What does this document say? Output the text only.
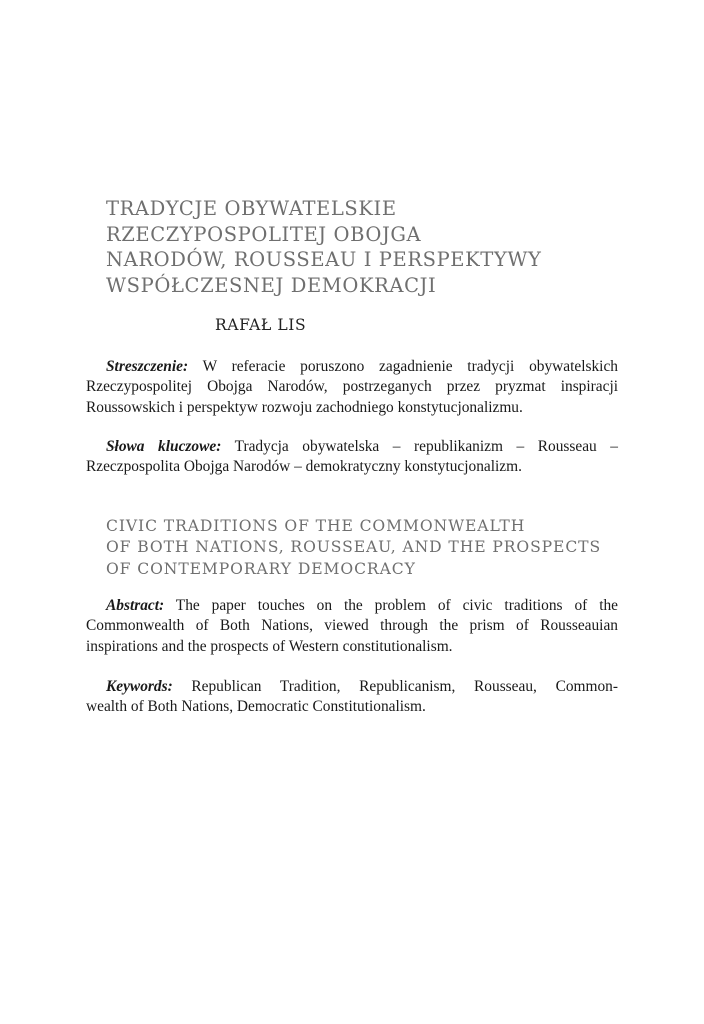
TRADYCJE OBYWATELSKIE
RZECZYPOSPOLITEJ OBOJGA
NARODÓW, ROUSSEAU I PERSPEKTYWY
WSPÓŁCZESNEJ DEMOKRACJI

RAFAŁ LIS

Streszczenie: W referacie poruszono zagadnienie tradycji obywatelskich
Rzeczypospolitej Obojga Narodów, postrzeganych przez pryzmat inspiracji
Roussowskich i perspektyw rozwoju zachodniego konstytucjonalizmu.

Słowa kluczowe: Tradycja obywatelska – republikanizm – Rousseau –
Rzeczpospolita Obojga Narodów – demokratyczny konstytucjonalizm.

CIVIC TRADITIONS OF THE COMMONWEALTH
OF BOTH NATIONS, ROUSSEAU, AND THE PROSPECTS
OF CONTEMPORARY DEMOCRACY

Abstract: The paper touches on the problem of civic traditions of the
Commonwealth of Both Nations, viewed through the prism of Rousseauian
inspirations and the prospects of Western constitutionalism.

Keywords: Republican Tradition, Republicanism, Rousseau, Common-
wealth of Both Nations, Democratic Constitutionalism.
